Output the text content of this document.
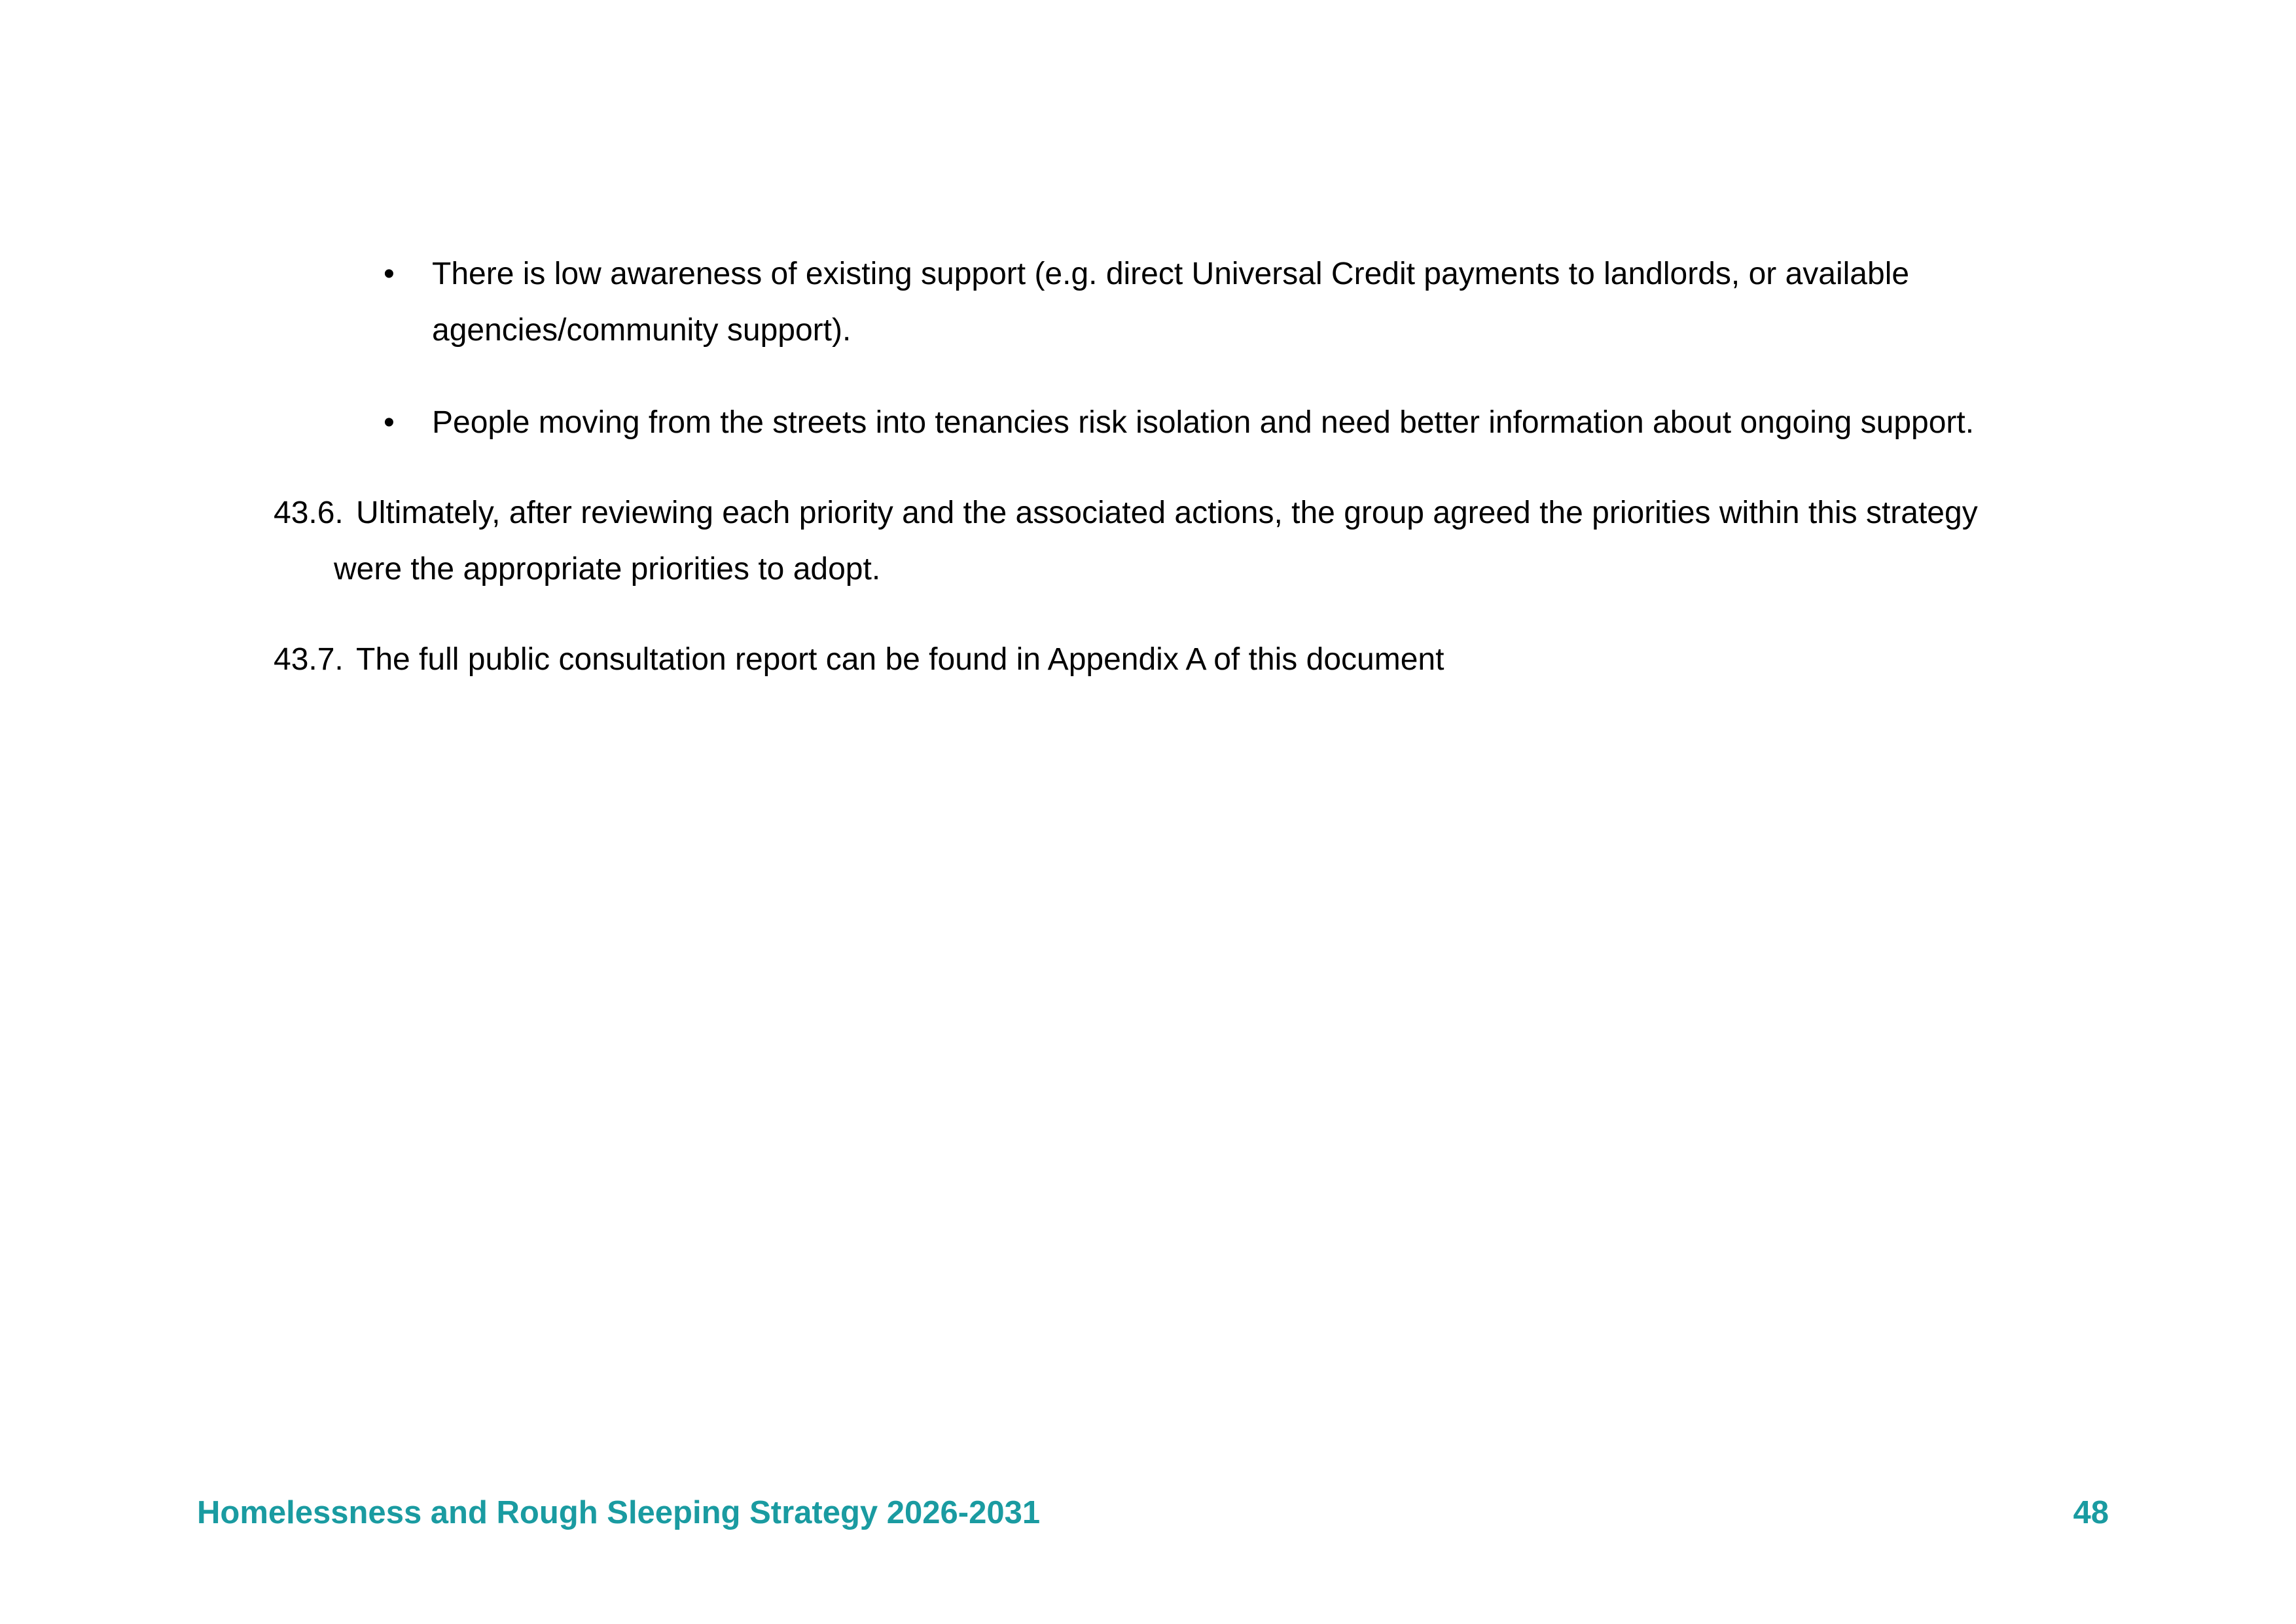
•	There is low awareness of existing support (e.g. direct Universal Credit payments to landlords, or available
agencies/community support).
•	People moving from the streets into tenancies risk isolation and need better information about ongoing support.
43.6. Ultimately, after reviewing each priority and the associated actions, the group agreed the priorities within this strategy
were the appropriate priorities to adopt.
43.7. The full public consultation report can be found in Appendix A of this document
Homelessness and Rough Sleeping Strategy 2026-2031	48
